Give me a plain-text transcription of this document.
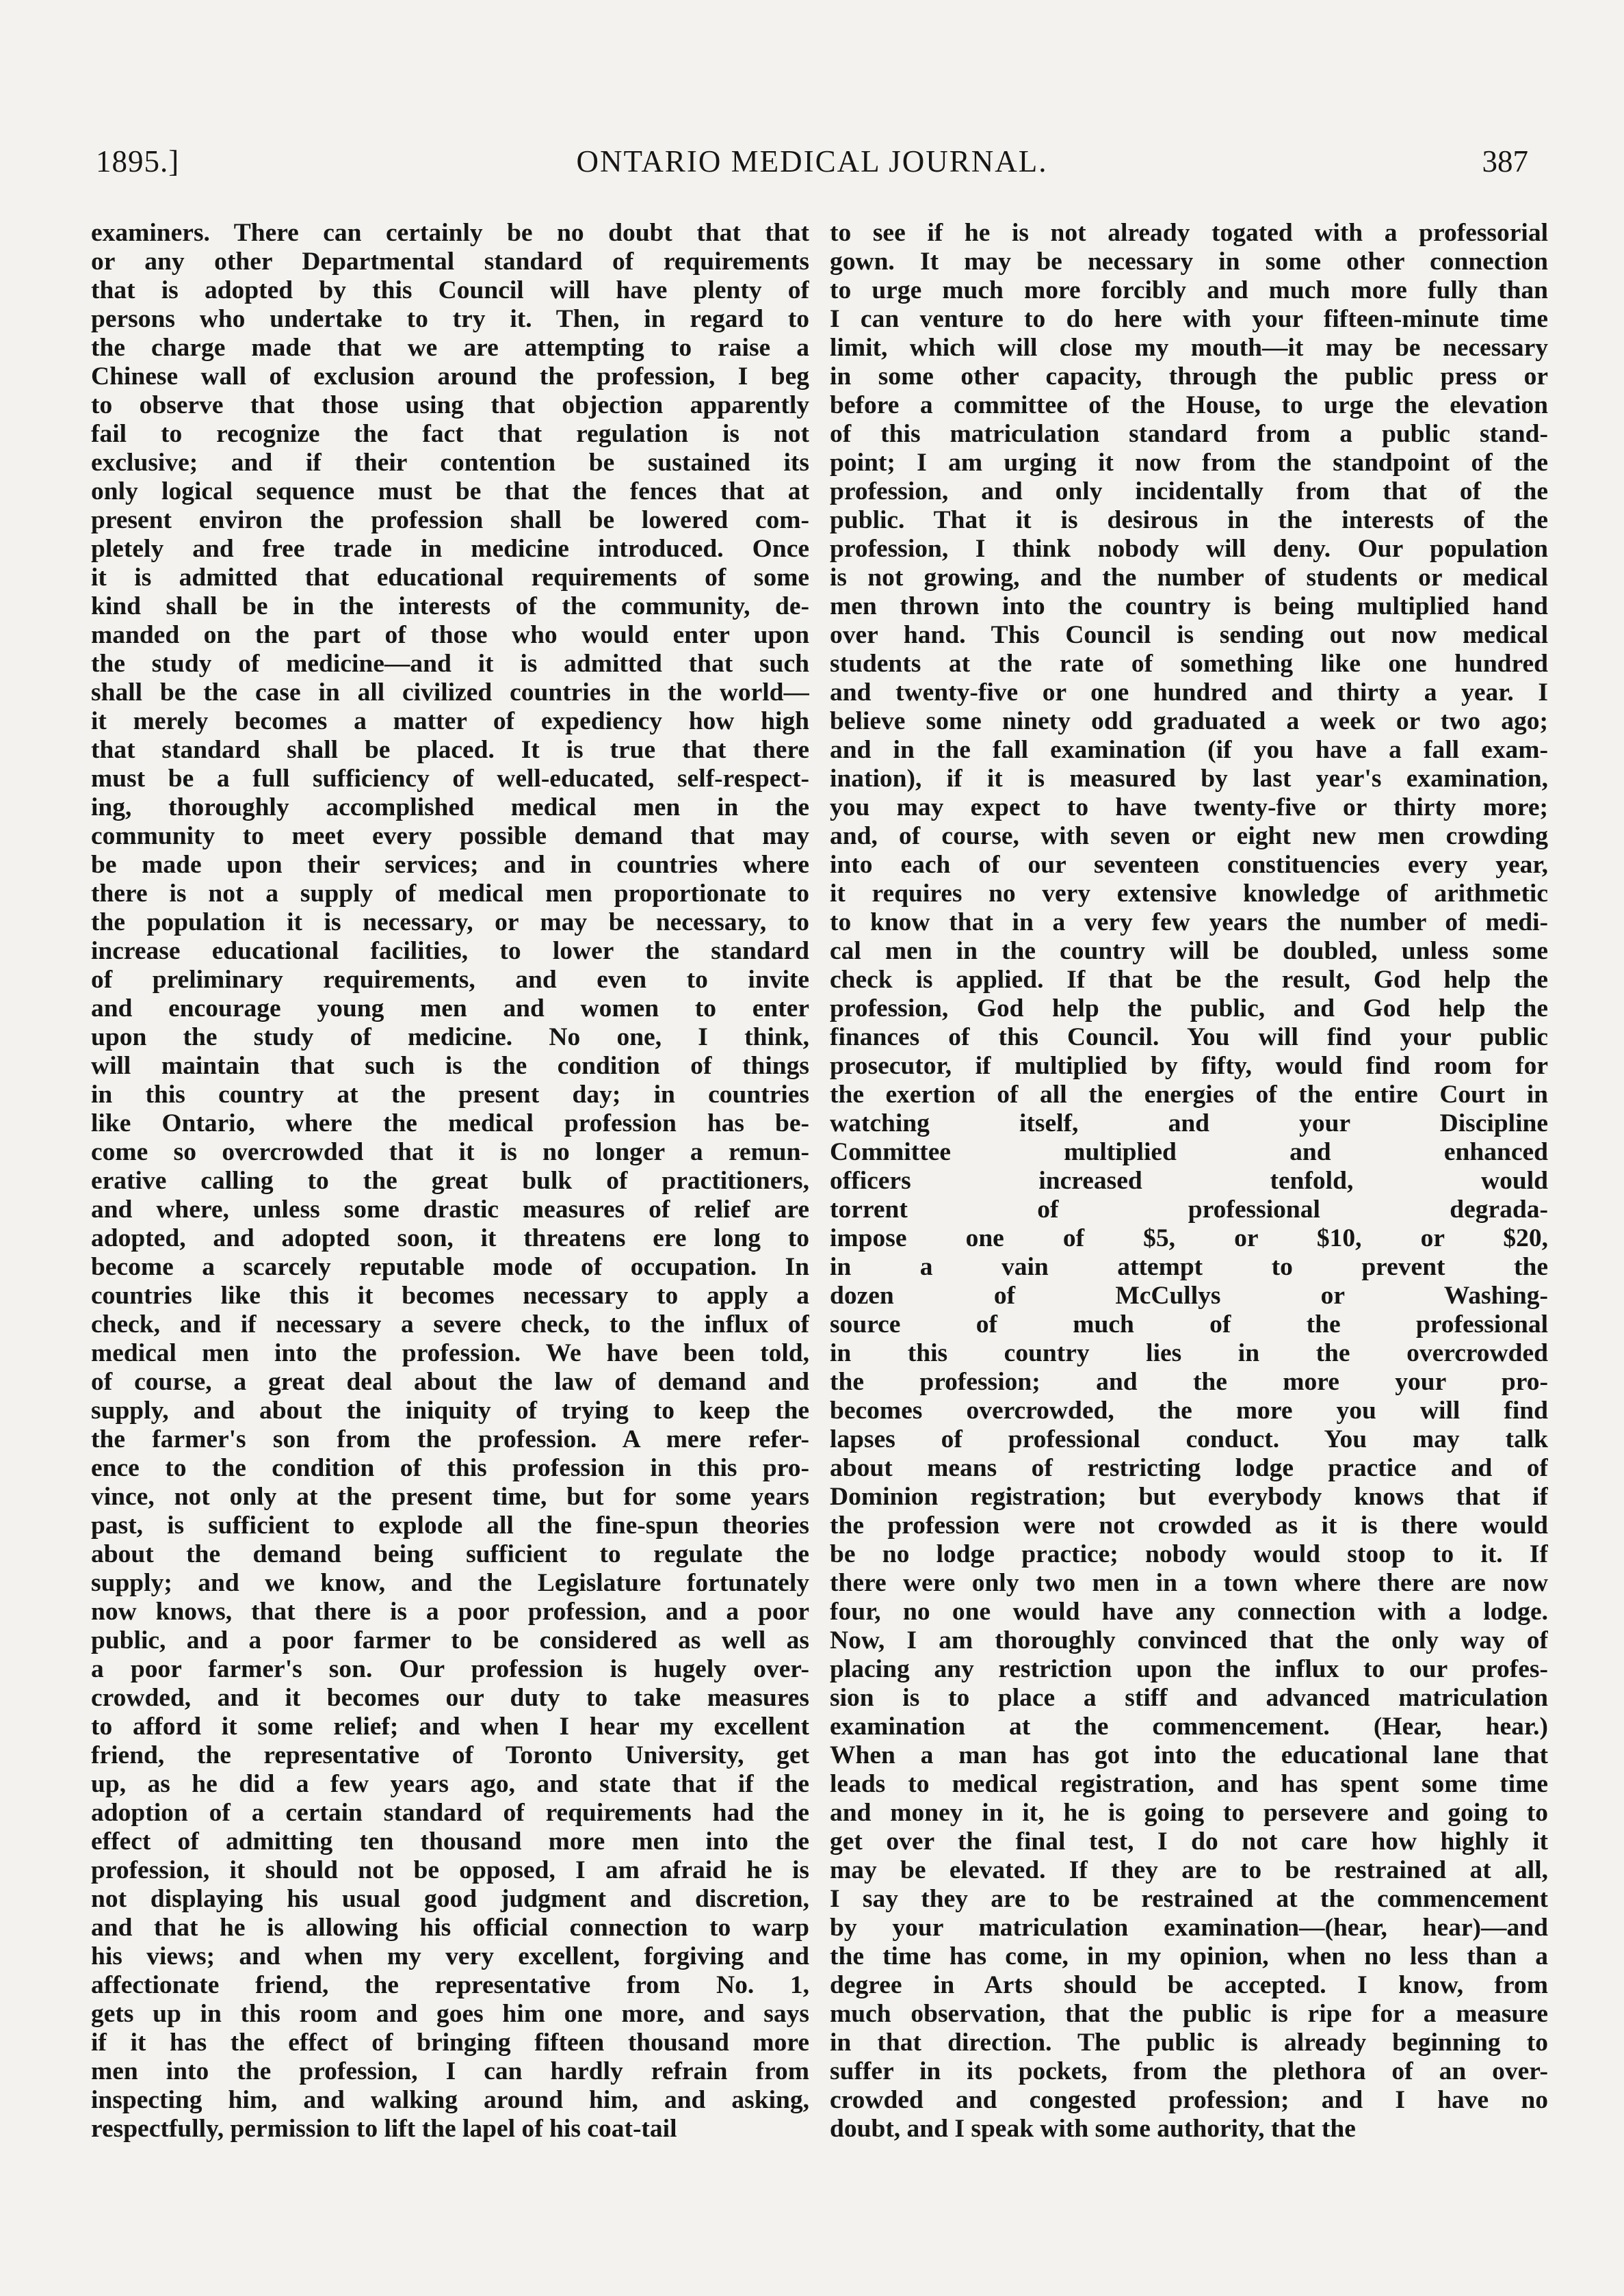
1895.]	ONTARIO MEDICAL JOURNAL.	387
examiners. There can certainly be no doubt that that
or any other Departmental standard of requirements
that is adopted by this Council will have plenty of
persons who undertake to try it. Then, in regard to
the charge made that we are attempting to raise a
Chinese wall of exclusion around the profession, I beg
to observe that those using that objection apparently
fail to recognize the fact that regulation is not
exclusive; and if their contention be sustained its
only logical sequence must be that the fences that at
present environ the profession shall be lowered com-
pletely and free trade in medicine introduced. Once
it is admitted that educational requirements of some
kind shall be in the interests of the community, de-
manded on the part of those who would enter upon
the study of medicine—and it is admitted that such
shall be the case in all civilized countries in the world—
it merely becomes a matter of expediency how high
that standard shall be placed. It is true that there
must be a full sufficiency of well-educated, self-respect-
ing, thoroughly accomplished medical men in the
community to meet every possible demand that may
be made upon their services; and in countries where
there is not a supply of medical men proportionate to
the population it is necessary, or may be necessary, to
increase educational facilities, to lower the standard
of preliminary requirements, and even to invite
and encourage young men and women to enter
upon the study of medicine. No one, I think,
will maintain that such is the condition of things
in this country at the present day; in countries
like Ontario, where the medical profession has be-
come so overcrowded that it is no longer a remun-
erative calling to the great bulk of practitioners,
and where, unless some drastic measures of relief are
adopted, and adopted soon, it threatens ere long to
become a scarcely reputable mode of occupation. In
countries like this it becomes necessary to apply a
check, and if necessary a severe check, to the influx of
medical men into the profession. We have been told,
of course, a great deal about the law of demand and
supply, and about the iniquity of trying to keep the
the farmer's son from the profession. A mere refer-
ence to the condition of this profession in this pro-
vince, not only at the present time, but for some years
past, is sufficient to explode all the fine-spun theories
about the demand being sufficient to regulate the
supply; and we know, and the Legislature fortunately
now knows, that there is a poor profession, and a poor
public, and a poor farmer to be considered as well as
a poor farmer's son. Our profession is hugely over-
crowded, and it becomes our duty to take measures
to afford it some relief; and when I hear my excellent
friend, the representative of Toronto University, get
up, as he did a few years ago, and state that if the
adoption of a certain standard of requirements had the
effect of admitting ten thousand more men into the
profession, it should not be opposed, I am afraid he is
not displaying his usual good judgment and discretion,
and that he is allowing his official connection to warp
his views; and when my very excellent, forgiving and
affectionate friend, the representative from No. 1,
gets up in this room and goes him one more, and says
if it has the effect of bringing fifteen thousand more
men into the profession, I can hardly refrain from
inspecting him, and walking around him, and asking,
respectfully, permission to lift the lapel of his coat-tail
to see if he is not already togated with a professorial
gown. It may be necessary in some other connection
to urge much more forcibly and much more fully than
I can venture to do here with your fifteen-minute time
limit, which will close my mouth—it may be necessary
in some other capacity, through the public press or
before a committee of the House, to urge the elevation
of this matriculation standard from a public stand-
point; I am urging it now from the standpoint of the
profession, and only incidentally from that of the
public. That it is desirous in the interests of the
profession, I think nobody will deny. Our population
is not growing, and the number of students or medical
men thrown into the country is being multiplied hand
over hand. This Council is sending out now medical
students at the rate of something like one hundred
and twenty-five or one hundred and thirty a year. I
believe some ninety odd graduated a week or two ago;
and in the fall examination (if you have a fall exam-
ination), if it is measured by last year's examination,
you may expect to have twenty-five or thirty more;
and, of course, with seven or eight new men crowding
into each of our seventeen constituencies every year,
it requires no very extensive knowledge of arithmetic
to know that in a very few years the number of medi-
cal men in the country will be doubled, unless some
check is applied. If that be the result, God help the
profession, God help the public, and God help the
finances of this Council. You will find your public
prosecutor, if multiplied by fifty, would find room for
the exertion of all the energies of the entire Court in
watching itself, and your Discipline
Committee multiplied and enhanced
officers increased tenfold, would
torrent of professional degrada-
impose one of $5, or $10, or $20,
in a vain attempt to prevent the
dozen of McCullys or Washing-
source of much of the professional
in this country lies in the overcrowded
the profession; and the more your pro-
becomes overcrowded, the more you will find
lapses of professional conduct. You may talk
about means of restricting lodge practice and of
Dominion registration; but everybody knows that if
the profession were not crowded as it is there would
be no lodge practice; nobody would stoop to it. If
there were only two men in a town where there are now
four, no one would have any connection with a lodge.
Now, I am thoroughly convinced that the only way of
placing any restriction upon the influx to our profes-
sion is to place a stiff and advanced matriculation
examination at the commencement. (Hear, hear.)
When a man has got into the educational lane that
leads to medical registration, and has spent some time
and money in it, he is going to persevere and going to
get over the final test, I do not care how highly it
may be elevated. If they are to be restrained at all,
I say they are to be restrained at the commencement
by your matriculation examination—(hear, hear)—and
the time has come, in my opinion, when no less than a
degree in Arts should be accepted. I know, from
much observation, that the public is ripe for a measure
in that direction. The public is already beginning to
suffer in its pockets, from the plethora of an over-
crowded and congested profession; and I have no
doubt, and I speak with some authority, that the
